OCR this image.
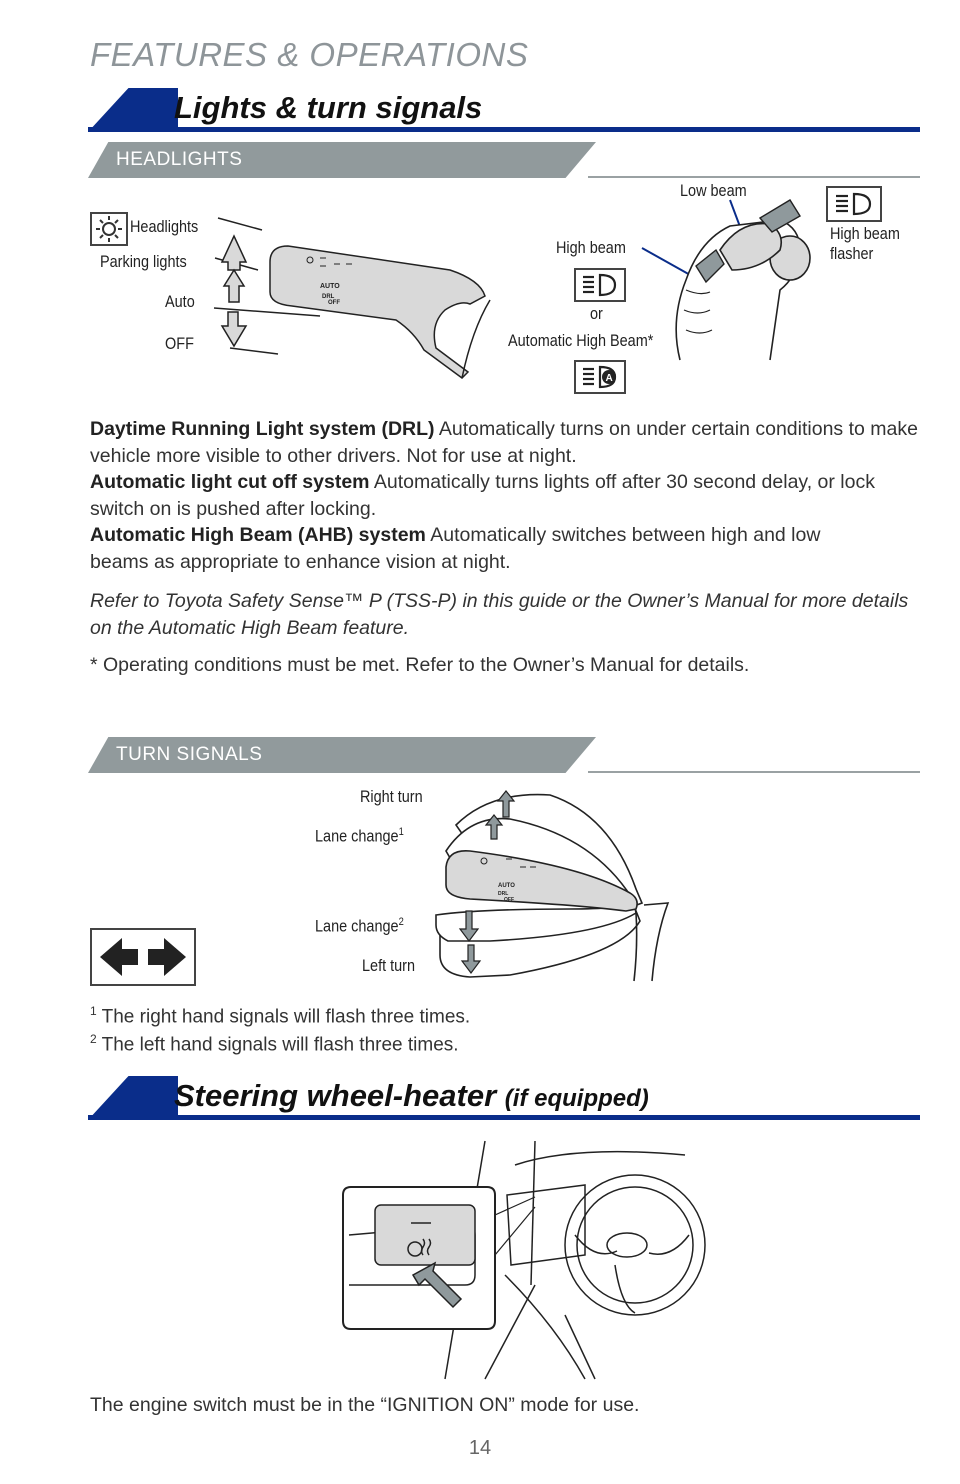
FEATURES & OPERATIONS
Lights & turn signals
HEADLIGHTS
Headlights
Parking lights
Auto
OFF
AUTO
DRL
OFF
Low beam
High beam
High beam
flasher
or
Automatic High Beam*
A
Daytime Running Light system (DRL) Automatically turns on under certain conditions to make vehicle more visible to other drivers. Not for use at night.
Automatic light cut off system Automatically turns lights off after 30 second delay, or lock switch on is pushed after locking.
Automatic High Beam (AHB) system Automatically switches between high and low beams as appropriate to enhance vision at night.
Refer to Toyota Safety Sense™ P (TSS-P) in this guide or the Owner’s Manual for more details on the Automatic High Beam feature.
* Operating conditions must be met. Refer to the Owner’s Manual for details.
TURN SIGNALS
Right turn
Lane change$^1$
Lane change$^2$
Left turn
AUTO
DRL
OFF
$^1$ The right hand signals will flash three times.
$^2$ The left hand signals will flash three times.
Steering wheel-heater (if equipped)
The engine switch must be in the “IGNITION ON” mode for use.
14
